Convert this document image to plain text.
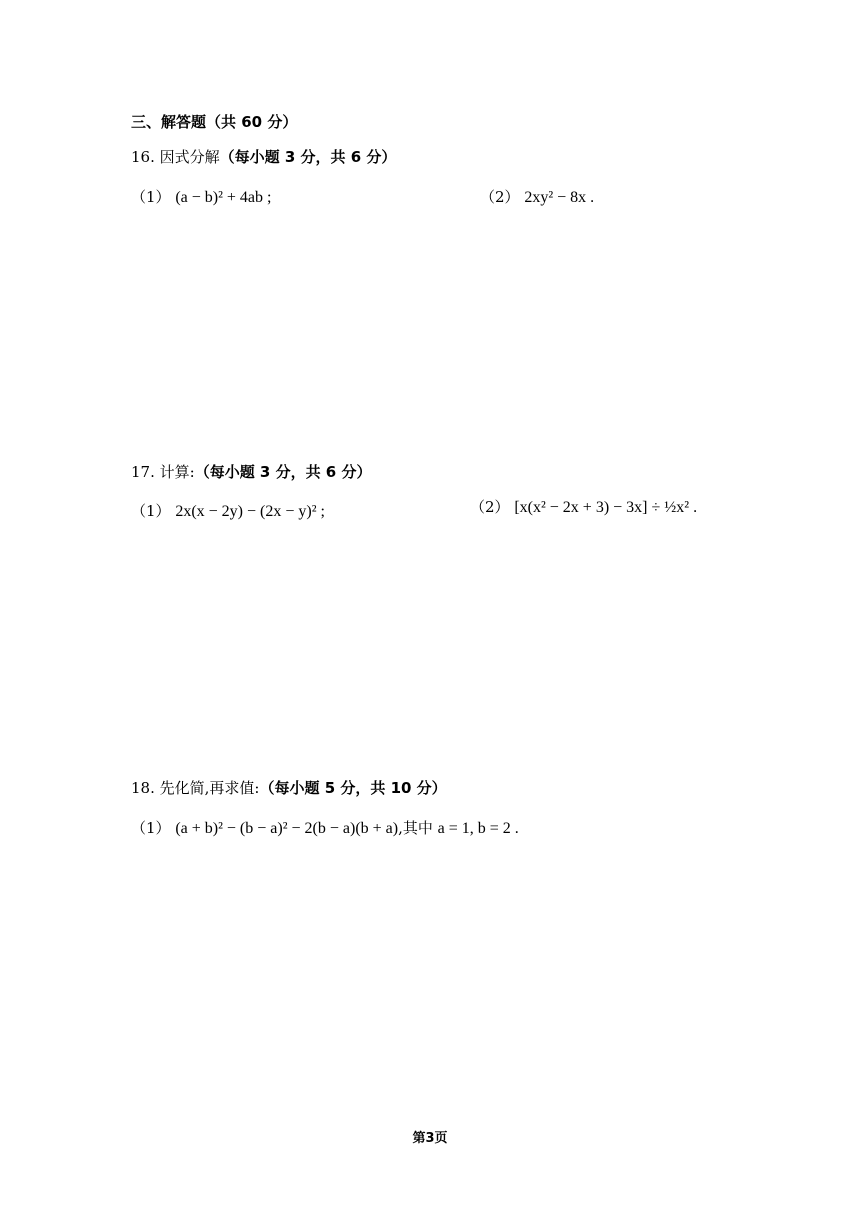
三、解答题（共 60 分）
16. 因式分解（每小题 3 分，共 6 分）
（1） (a − b)² + 4ab ;	（2） 2xy² − 8x .
17. 计算:（每小题 3 分，共 6 分）
（1） 2x(x − 2y) − (2x − y)² ;	（2） [x(x² − 2x + 3) − 3x] ÷ ½x² .
18. 先化简,再求值:（每小题 5 分，共 10 分）
（1） (a + b)² − (b − a)² − 2(b − a)(b + a),其中 a = 1, b = 2 .
第3页
